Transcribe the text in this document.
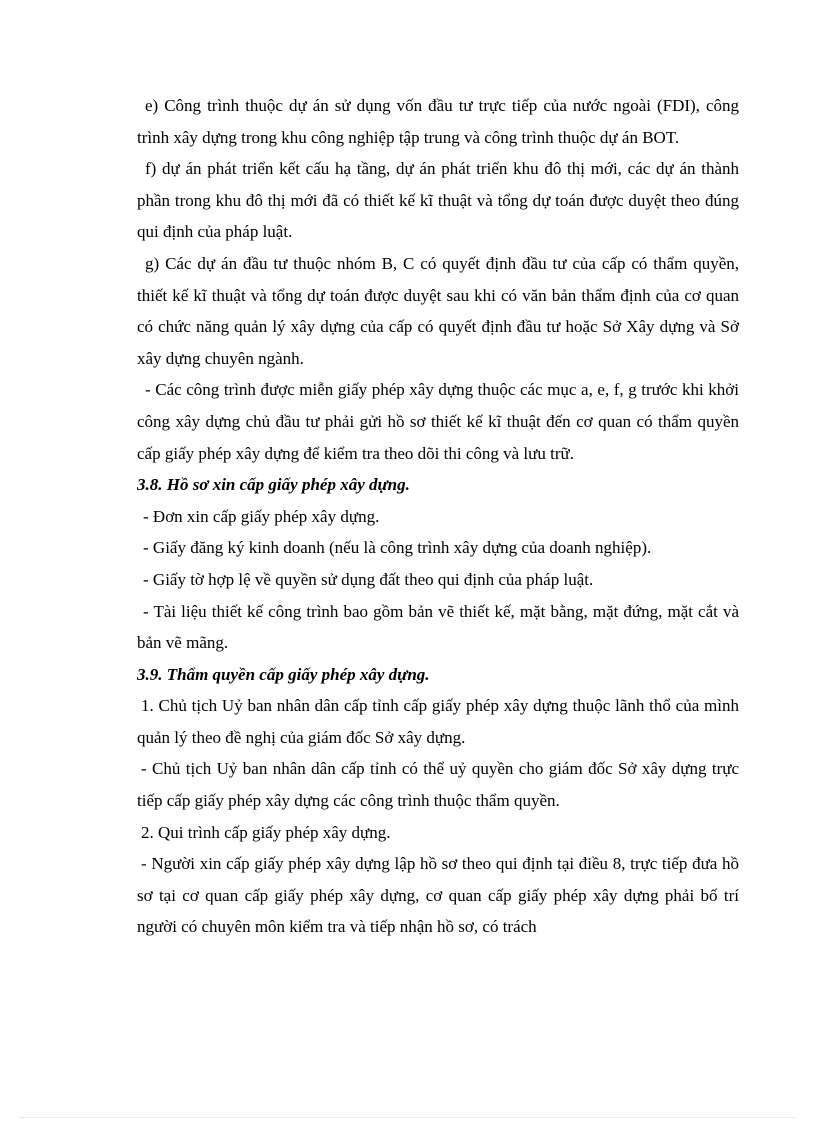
e) Công trình thuộc dự án sử dụng vốn đầu tư trực tiếp của nước ngoài (FDI), công trình xây dựng trong khu công nghiệp tập trung và công trình thuộc dự án BOT.

f) dự án phát triển kết cấu hạ tầng, dự án phát triển khu đô thị mới, các dự án thành phần trong khu đô thị mới đã có thiết kế kĩ thuật và tổng dự toán được duyệt theo đúng qui định của pháp luật.

g) Các dự án đầu tư thuộc nhóm B, C có quyết định đầu tư của cấp có thẩm quyền, thiết kế kĩ thuật và tổng dự toán được duyệt sau khi có văn bản thẩm định của cơ quan có chức năng quản lý xây dựng của cấp có quyết định đầu tư hoặc Sở Xây dựng và Sở xây dựng chuyên ngành.

- Các công trình được miễn giấy phép xây dựng thuộc các mục a, e, f, g trước khi khởi công xây dựng chủ đầu tư phải gửi hồ sơ thiết kế kĩ thuật đến cơ quan có thẩm quyền cấp giấy phép xây dựng để kiểm tra theo dõi thi công và lưu trữ.

3.8. Hồ sơ xin cấp giấy phép xây dựng.

- Đơn xin cấp giấy phép xây dựng.

- Giấy đăng ký kinh doanh (nếu là công trình xây dựng của doanh nghiệp).

- Giấy tờ hợp lệ về quyền sử dụng đất theo qui định của pháp luật.

- Tài liệu thiết kế công trình bao gồm bản vẽ thiết kế, mặt bằng, mặt đứng, mặt cắt và bản vẽ mãng.

3.9. Thẩm quyền cấp giấy phép xây dựng.

1. Chủ tịch Uỷ ban nhân dân cấp tỉnh cấp giấy phép xây dựng thuộc lãnh thổ của mình quản lý theo đề nghị của giám đốc Sở xây dựng.

- Chủ tịch Uỷ ban nhân dân cấp tỉnh có thể uỷ quyền cho giám đốc Sở xây dựng trực tiếp cấp giấy phép xây dựng các công trình thuộc thẩm quyền.

2. Qui trình cấp giấy phép xây dựng.

- Người xin cấp giấy phép xây dựng lập hồ sơ theo qui định tại điều 8, trực tiếp đưa hồ sơ tại cơ quan cấp giấy phép xây dựng, cơ quan cấp giấy phép xây dựng phải bố trí người có chuyên môn kiểm tra và tiếp nhận hồ sơ, có trách
